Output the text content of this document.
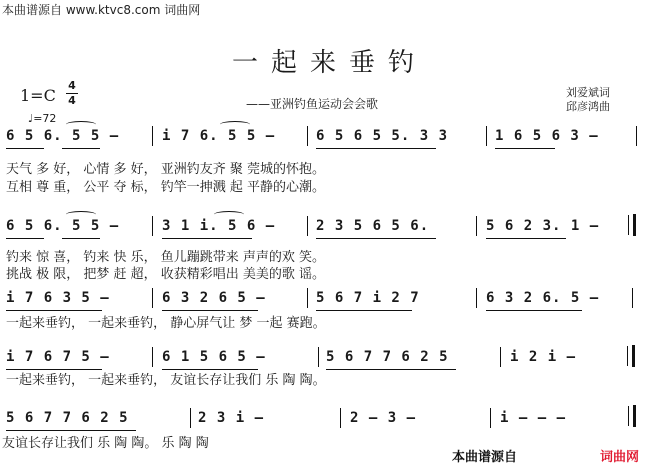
本曲谱源自 www.ktvc8.com 词曲网
一起来垂钓
——亚洲钓鱼运动会会歌
刘爱斌词
邱彦鸿曲
1=C
4
4
♩=72
6 5 6. 5 5 –	i 7 6. 5 5 –	6 5 6 5 5. 3 3	1 6 5 6 3 –
天气 多 好， 心情 多 好， 亚洲钓友齐 聚 莞城的怀抱。
互相 尊 重， 公平 夺 标， 钓竿一抻溅 起 平静的心潮。
6 5 6. 5 5 –	3 1 i. 5 6 –	2 3 5 6 5 6.	5 6 2 3. 1 –
钓来 惊 喜， 钓来 快 乐， 鱼儿蹦跳带来 声声的欢 笑。
挑战 极 限， 把梦 赶 超， 收获精彩唱出 美美的歌 谣。
i 7 6 3 5 –	6 3 2 6 5 –	5 6 7 i 2 7	6 3 2 6. 5 –
一起来垂钓， 一起来垂钓， 静心屏气让 梦 一起 赛跑。
i 7 6 7 5 –	6 1 5 6 5 –	5 6 7 7 6 2 5	i 2 i –
一起来垂钓， 一起来垂钓， 友谊长存让我们 乐 陶 陶。
5 6 7 7 6 2 5	2 3 i –	2 – 3 –	i – – –
友谊长存让我们 乐 陶 陶。 乐 陶 陶
本曲谱源自	词曲网
